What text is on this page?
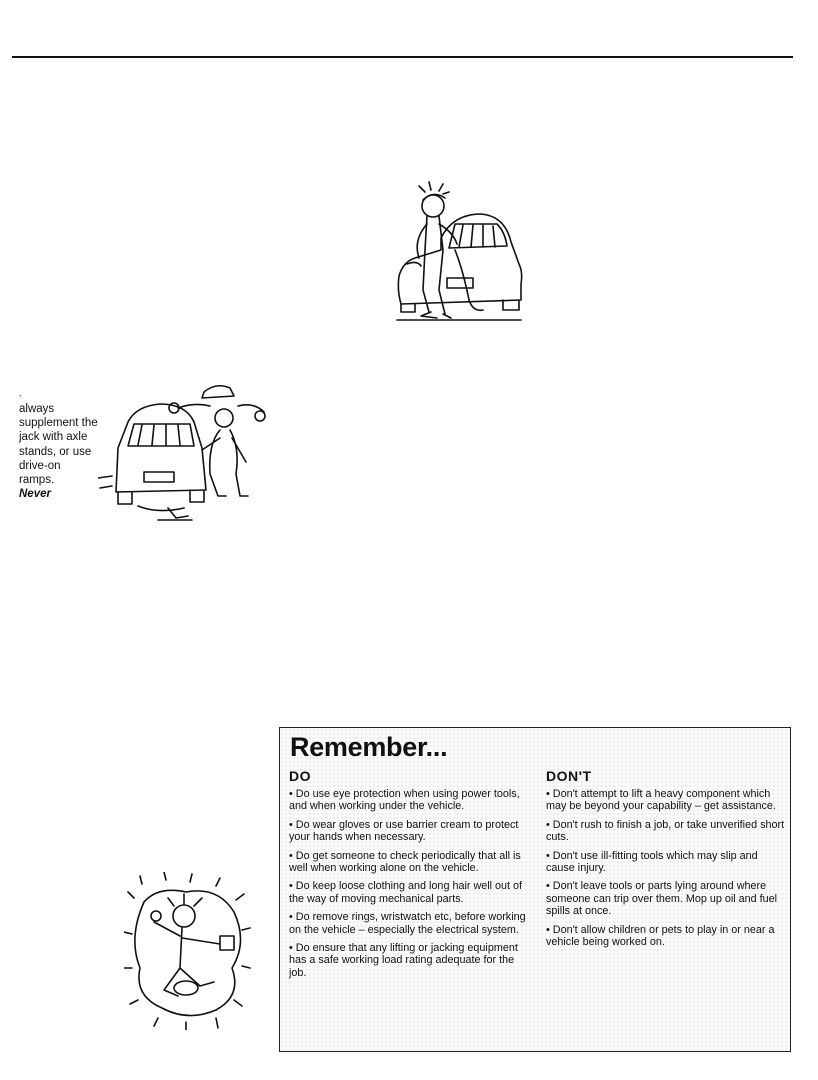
always
supplement the
jack with axle
stands, or use
drive-on
ramps.
Never
`
Remember...
DO
• Do use eye protection when using power tools, and when working under the vehicle.
• Do wear gloves or use barrier cream to protect your hands when necessary.
• Do get someone to check periodically that all is well when working alone on the vehicle.
• Do keep loose clothing and long hair well out of the way of moving mechanical parts.
• Do remove rings, wristwatch etc, before working on the vehicle – especially the electrical system.
• Do ensure that any lifting or jacking equipment has a safe working load rating adequate for the job.
DON'T
• Don't attempt to lift a heavy component which may be beyond your capability – get assistance.
• Don't rush to finish a job, or take unverified short cuts.
• Don't use ill-fitting tools which may slip and cause injury.
• Don't leave tools or parts lying around where someone can trip over them. Mop up oil and fuel spills at once.
• Don't allow children or pets to play in or near a vehicle being worked on.
